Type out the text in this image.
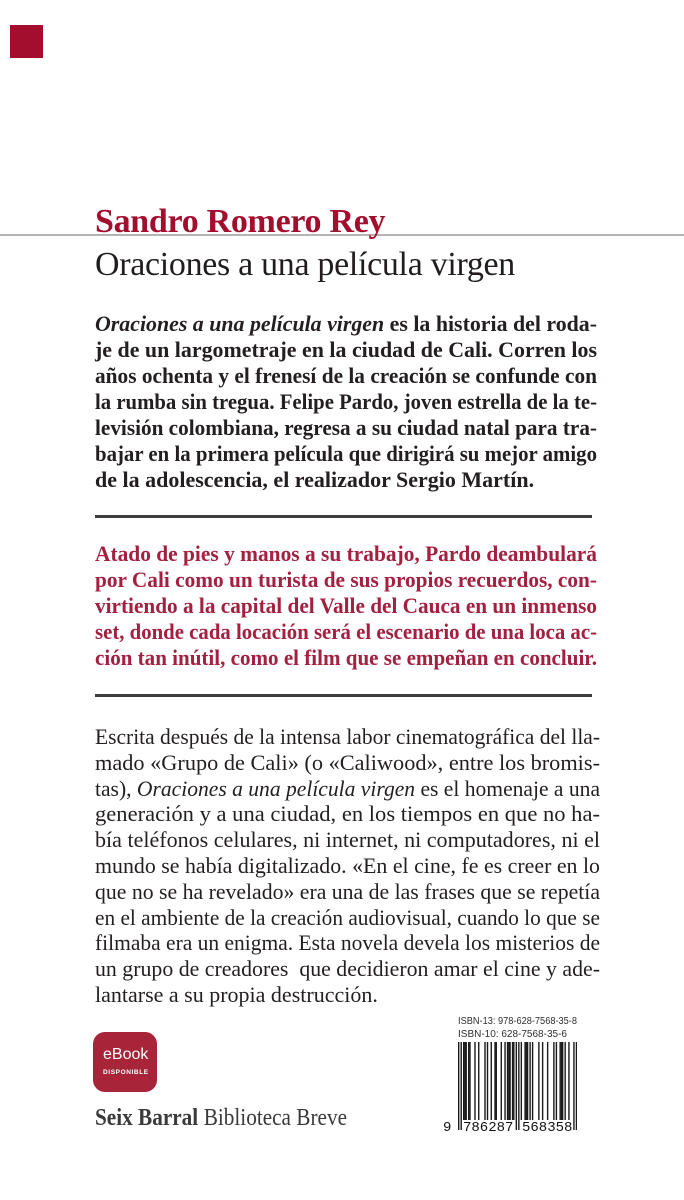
Sandro Romero Rey
Oraciones a una película virgen
Oraciones a una película virgen es la historia del roda-
je de un largometraje en la ciudad de Cali. Corren los
años ochenta y el frenesí de la creación se confunde con
la rumba sin tregua. Felipe Pardo, joven estrella de la te-
levisión colombiana, regresa a su ciudad natal para tra-
bajar en la primera película que dirigirá su mejor amigo
de la adolescencia, el realizador Sergio Martín.
Atado de pies y manos a su trabajo, Pardo deambulará
por Cali como un turista de sus propios recuerdos, con-
virtiendo a la capital del Valle del Cauca en un inmenso
set, donde cada locación será el escenario de una loca ac-
ción tan inútil, como el film que se empeñan en concluir.
Escrita después de la intensa labor cinematográfica del lla-
mado «Grupo de Cali» (o «Caliwood», entre los bromis-
tas), Oraciones a una película virgen es el homenaje a una
generación y a una ciudad, en los tiempos en que no ha-
bía teléfonos celulares, ni internet, ni computadores, ni el
mundo se había digitalizado. «En el cine, fe es creer en lo
que no se ha revelado» era una de las frases que se repetía
en el ambiente de la creación audiovisual, cuando lo que se
filmaba era un enigma. Esta novela devela los misterios de
un grupo de creadores  que decidieron amar el cine y ade-
lantarse a su propia destrucción.
ISBN-13: 978-628-7568-35-8
ISBN-10: 628-7568-35-6
9 786287 568358
eBook
DISPONIBLE
Seix Barral Biblioteca Breve
